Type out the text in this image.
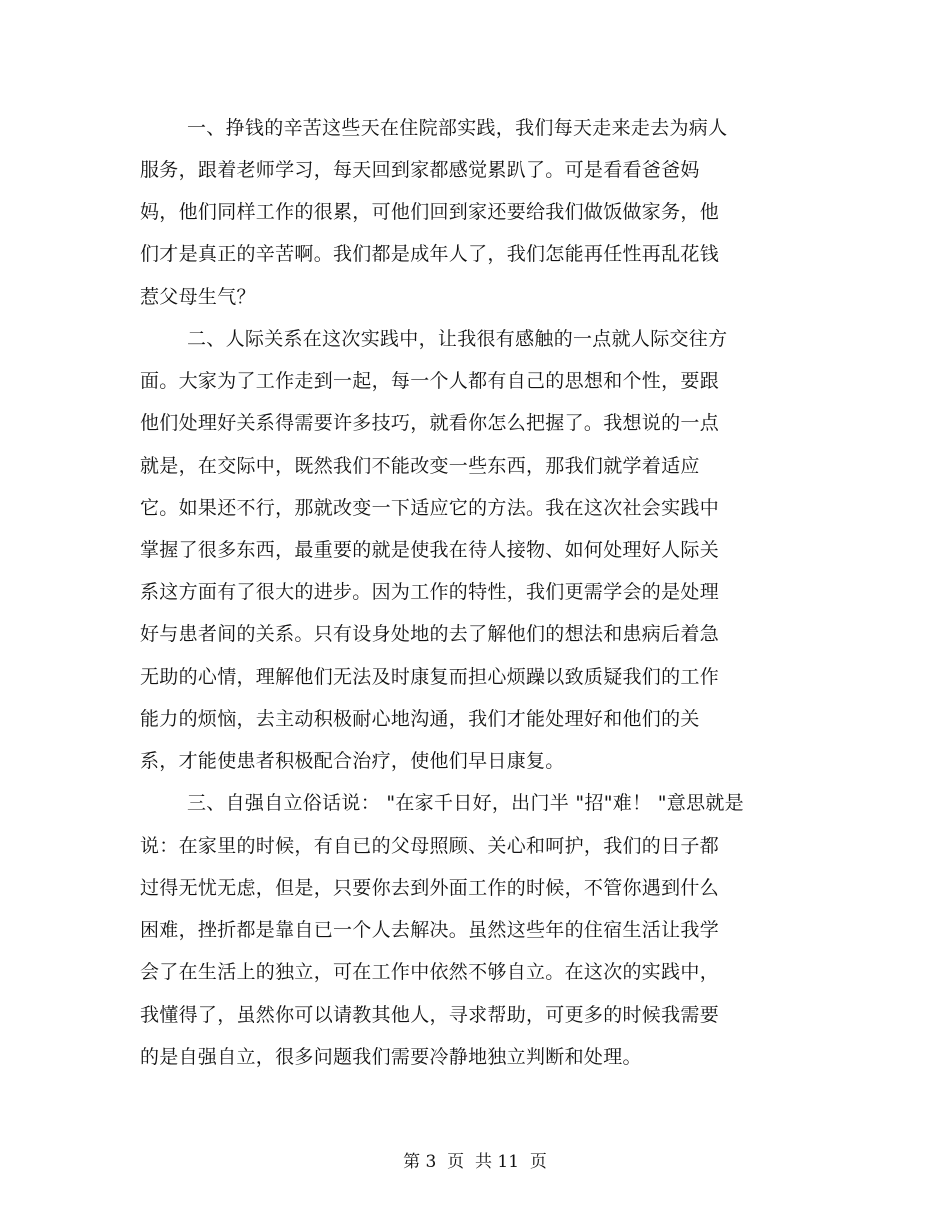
一、挣钱的辛苦这些天在住院部实践，我们每天走来走去为病人
服务，跟着老师学习，每天回到家都感觉累趴了。可是看看爸爸妈
妈，他们同样工作的很累，可他们回到家还要给我们做饭做家务，他
们才是真正的辛苦啊。我们都是成年人了，我们怎能再任性再乱花钱
惹父母生气？
二、人际关系在这次实践中，让我很有感触的一点就人际交往方
面。大家为了工作走到一起，每一个人都有自己的思想和个性，要跟
他们处理好关系得需要许多技巧，就看你怎么把握了。我想说的一点
就是，在交际中，既然我们不能改变一些东西，那我们就学着适应
它。如果还不行，那就改变一下适应它的方法。我在这次社会实践中
掌握了很多东西，最重要的就是使我在待人接物、如何处理好人际关
系这方面有了很大的进步。因为工作的特性，我们更需学会的是处理
好与患者间的关系。只有设身处地的去了解他们的想法和患病后着急
无助的心情，理解他们无法及时康复而担心烦躁以致质疑我们的工作
能力的烦恼，去主动积极耐心地沟通，我们才能处理好和他们的关
系，才能使患者积极配合治疗，使他们早日康复。
三、自强自立俗话说： "在家千日好，出门半 "招"难！ "意思就是
说：在家里的时候，有自已的父母照顾、关心和呵护，我们的日子都
过得无忧无虑，但是，只要你去到外面工作的时候，不管你遇到什么
困难，挫折都是靠自已一个人去解决。虽然这些年的住宿生活让我学
会了在生活上的独立，可在工作中依然不够自立。在这次的实践中，
我懂得了，虽然你可以请教其他人，寻求帮助，可更多的时候我需要
的是自强自立，很多问题我们需要冷静地独立判断和处理。
第 3  页  共 11  页
